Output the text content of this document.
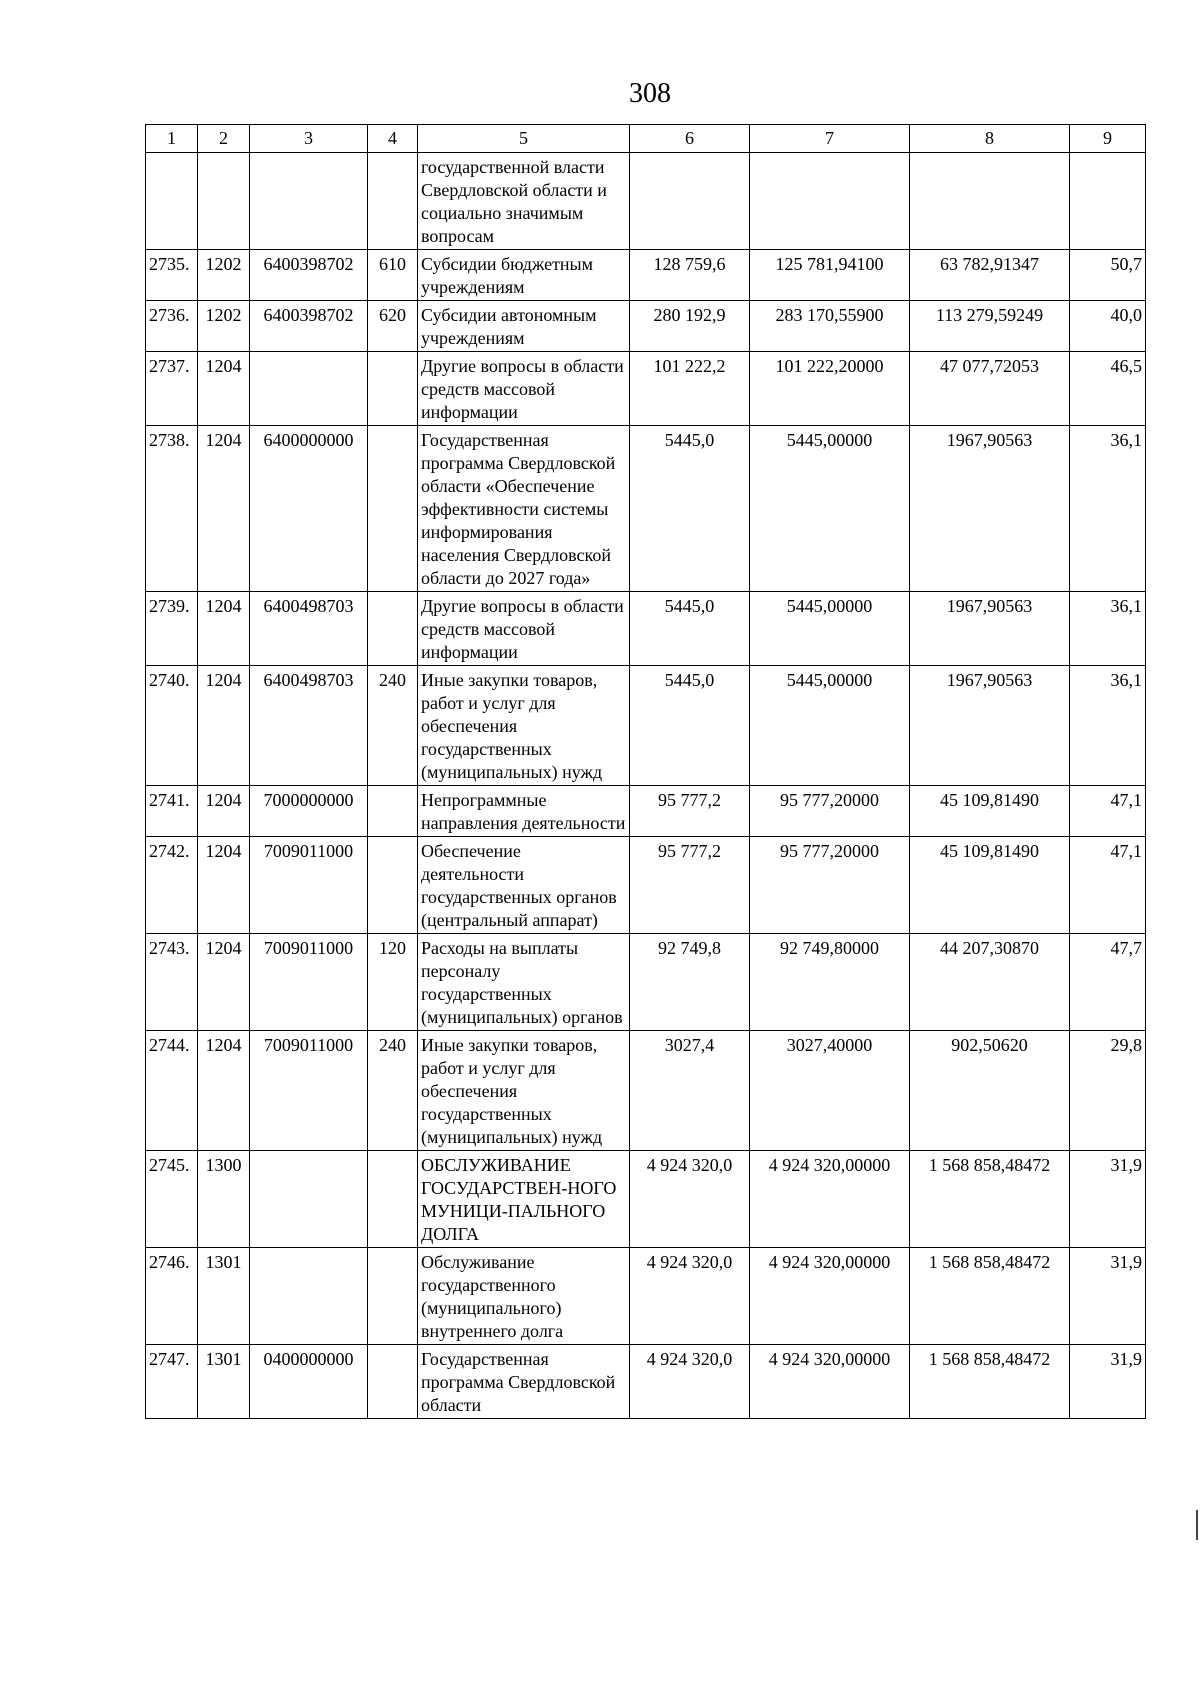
308
1	2	3	4	5	6	7	8	9
				государственной власти Свердловской области и социально значимым вопросам				
2735.	1202	6400398702	610	Субсидии бюджетным учреждениям	128 759,6	125 781,94100	63 782,91347	50,7
2736.	1202	6400398702	620	Субсидии автономным учреждениям	280 192,9	283 170,55900	113 279,59249	40,0
2737.	1204			Другие вопросы в области средств массовой информации	101 222,2	101 222,20000	47 077,72053	46,5
2738.	1204	6400000000		Государственная программа Свердловской области «Обеспечение эффективности системы информирования населения Свердловской области до 2027 года»	5445,0	5445,00000	1967,90563	36,1
2739.	1204	6400498703		Другие вопросы в области средств массовой информации	5445,0	5445,00000	1967,90563	36,1
2740.	1204	6400498703	240	Иные закупки товаров, работ и услуг для обеспечения государственных (муниципальных) нужд	5445,0	5445,00000	1967,90563	36,1
2741.	1204	7000000000		Непрограммные направления деятельности	95 777,2	95 777,20000	45 109,81490	47,1
2742.	1204	7009011000		Обеспечение деятельности государственных органов (центральный аппарат)	95 777,2	95 777,20000	45 109,81490	47,1
2743.	1204	7009011000	120	Расходы на выплаты персоналу государственных (муниципальных) органов	92 749,8	92 749,80000	44 207,30870	47,7
2744.	1204	7009011000	240	Иные закупки товаров, работ и услуг для обеспечения государственных (муниципальных) нужд	3027,4	3027,40000	902,50620	29,8
2745.	1300			ОБСЛУЖИВАНИЕ ГОСУДАРСТВЕН-НОГО МУНИЦИ-ПАЛЬНОГО ДОЛГА	4 924 320,0	4 924 320,00000	1 568 858,48472	31,9
2746.	1301			Обслуживание государственного (муниципального) внутреннего долга	4 924 320,0	4 924 320,00000	1 568 858,48472	31,9
2747.	1301	0400000000		Государственная программа Свердловской области	4 924 320,0	4 924 320,00000	1 568 858,48472	31,9
